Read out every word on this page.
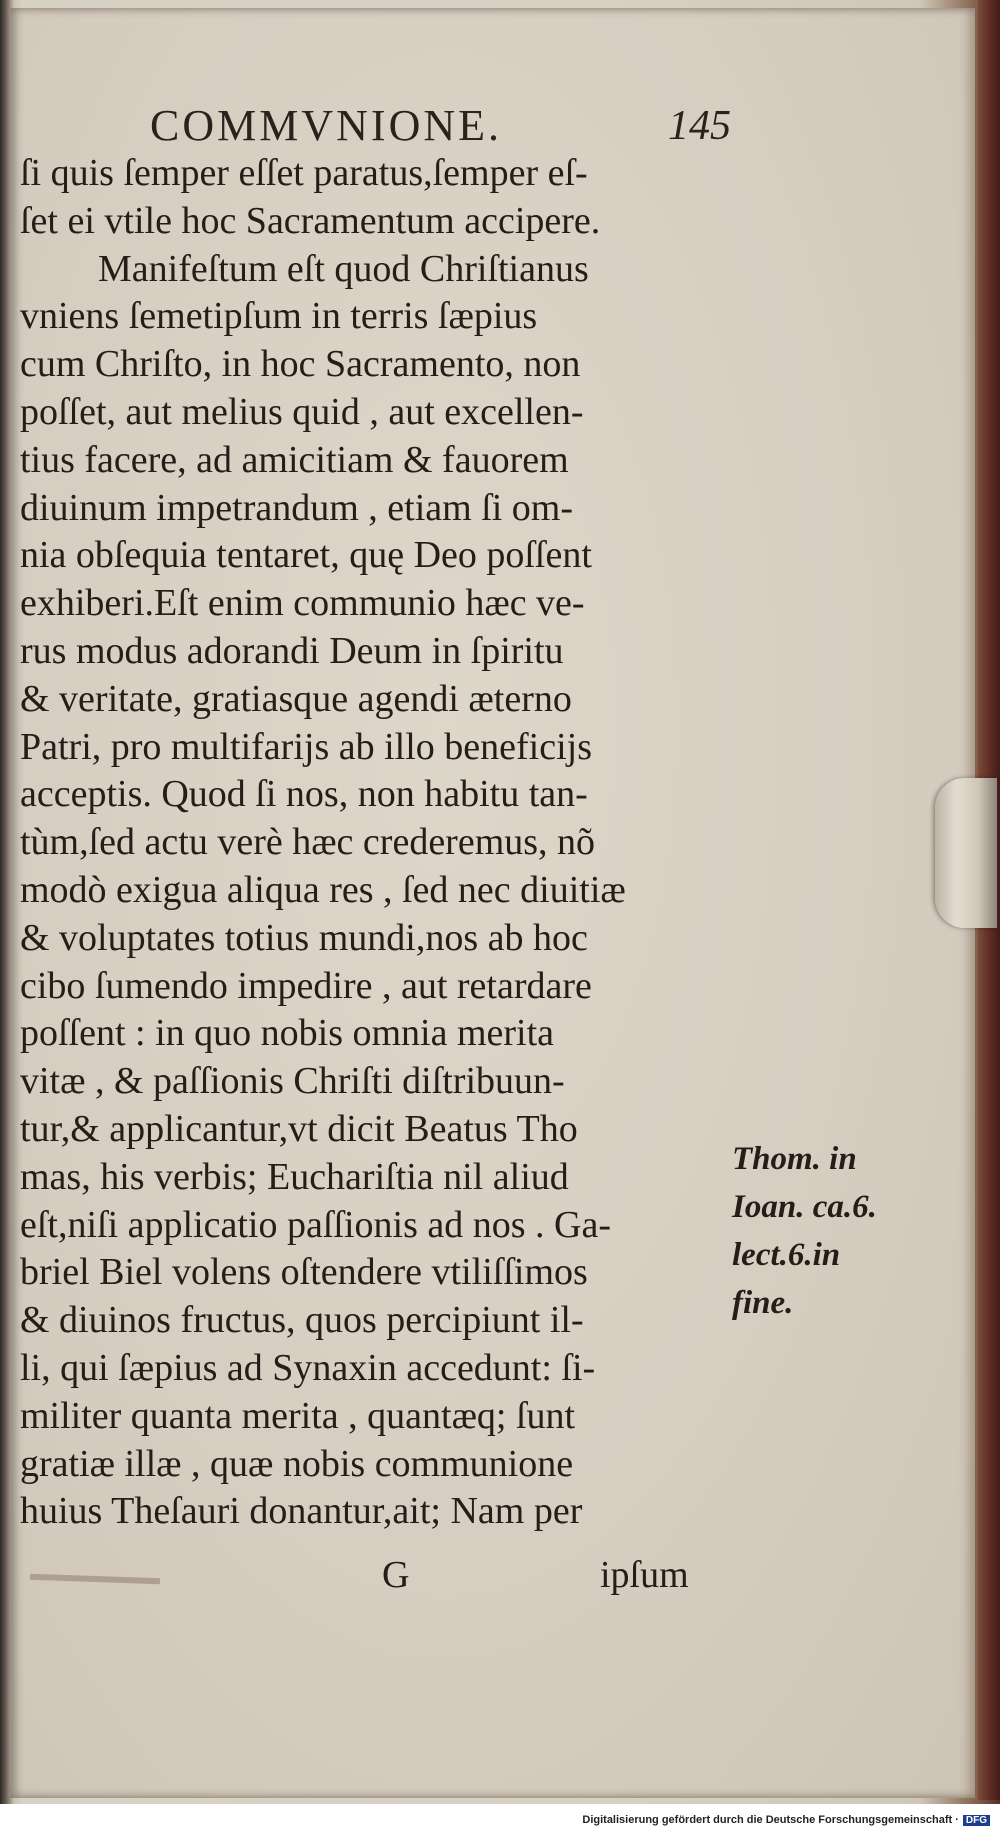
COMMVNIONE.	145
ſi quis ſemper eſſet paratus,ſemper eſ-
ſet ei vtile hoc Sacramentum accipere.
Manifeſtum eſt quod Chriſtianus
vniens ſemetipſum in terris ſæpius
cum Chriſto, in hoc Sacramento, non
poſſet, aut melius quid , aut excellen-
tius facere, ad amicitiam & fauorem
diuinum impetrandum , etiam ſi om-
nia obſequia tentaret, quę Deo poſſent
exhiberi.Eſt enim communio hæc ve-
rus modus adorandi Deum in ſpiritu
& veritate, gratiasque agendi æterno
Patri, pro multifarijs ab illo beneficijs
acceptis. Quod ſi nos, non habitu tan-
tùm,ſed actu verè hæc crederemus, nõ
modò exigua aliqua res , ſed nec diuitiæ
& voluptates totius mundi,nos ab hoc
cibo ſumendo impedire , aut retardare
poſſent : in quo nobis omnia merita
vitæ , & paſſionis Chriſti diſtribuun-
tur,& applicantur,vt dicit Beatus Tho
mas, his verbis; Euchariſtia nil aliud
eſt,niſi applicatio paſſionis ad nos . Ga-
briel Biel volens oſtendere vtiliſſimos
& diuinos fructus, quos percipiunt il-
li, qui ſæpius ad Synaxin accedunt: ſi-
militer quanta merita , quantæq; ſunt
gratiæ illæ , quæ nobis communione
huius Theſauri donantur,ait; Nam per
Thom. in
Ioan. ca.6.
lect.6.in
fine.
G	ipſum
Digitalisierung gefördert durch die Deutsche Forschungsgemeinschaft · DFG
